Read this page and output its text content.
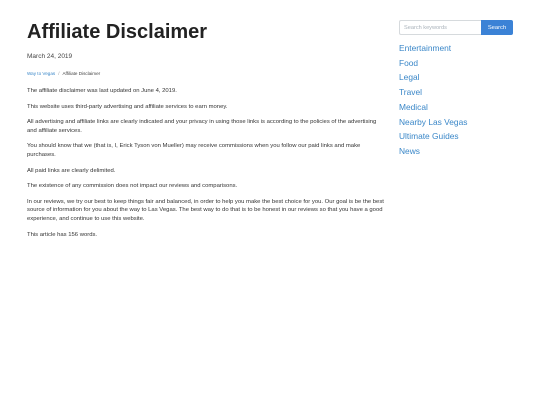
Affiliate Disclaimer
March 24, 2019
Way to Vegas / Affiliate Disclaimer

The affiliate disclaimer was last updated on June 4, 2019.

This website uses third-party advertising and affiliate services to earn money.

All advertising and affiliate links are clearly indicated and your privacy in using those links is according to the policies of the advertising and affiliate services.

You should know that we (that is, I, Erick Tyson von Mueller) may receive commissions when you follow our paid links and make purchases.

All paid links are clearly delimited.

The existence of any commission does not impact our reviews and comparisons.

In our reviews, we try our best to keep things fair and balanced, in order to help you make the best choice for you. Our goal is be the best source of information for you about the way to Las Vegas. The best way to do that is to be honest in our reviews so that you have a good experience, and continue to use this website.

This article has 156 words.

Search keywords
Search
Entertainment
Food
Legal
Travel
Medical
Nearby Las Vegas
Ultimate Guides
News
